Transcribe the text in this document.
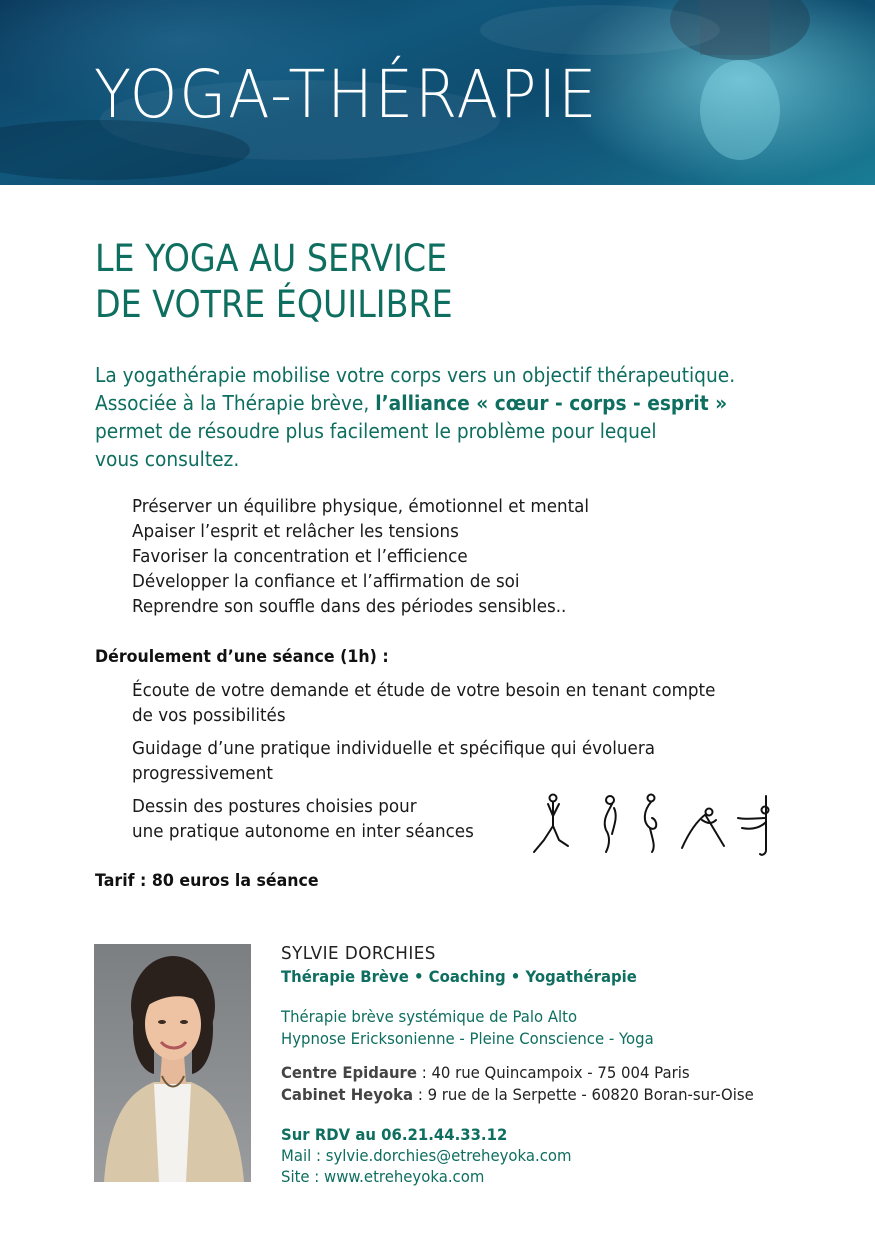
YOGA-THÉRAPIE
LE YOGA AU SERVICE
DE VOTRE ÉQUILIBRE
La yogathérapie mobilise votre corps vers un objectif thérapeutique.
Associée à la Thérapie brève, l’alliance « cœur - corps - esprit »
permet de résoudre plus facilement le problème pour lequel
vous consultez.
Préserver un équilibre physique, émotionnel et mental
Apaiser l’esprit et relâcher les tensions
Favoriser la concentration et l’efficience
Développer la confiance et l’affirmation de soi
Reprendre son souffle dans des périodes sensibles..
Déroulement d’une séance (1h) :
Écoute de votre demande et étude de votre besoin en tenant compte
de vos possibilités
Guidage d’une pratique individuelle et spécifique qui évoluera
progressivement
Dessin des postures choisies pour
une pratique autonome en inter séances
Tarif : 80 euros la séance
SYLVIE DORCHIES
Thérapie Brève • Coaching • Yogathérapie
Thérapie brève systémique de Palo Alto
Hypnose Ericksonienne - Pleine Conscience - Yoga
Centre Epidaure : 40 rue Quincampoix - 75 004 Paris
Cabinet Heyoka : 9 rue de la Serpette - 60820 Boran-sur-Oise
Sur RDV au 06.21.44.33.12
Mail : sylvie.dorchies@etreheyoka.com
Site : www.etreheyoka.com
